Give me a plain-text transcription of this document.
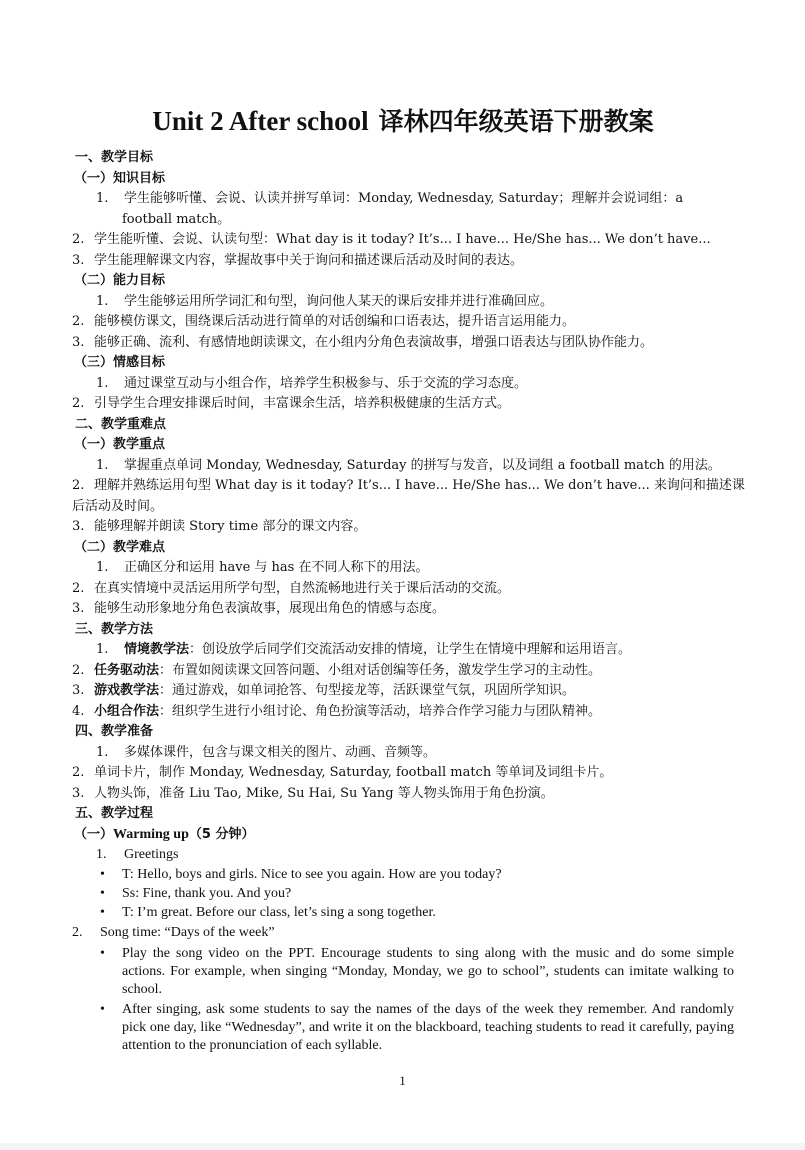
Unit 2 After school 译林四年级英语下册教案
一、教学目标
（一）知识目标
1. 学生能够听懂、会说、认读并拼写单词：Monday, Wednesday, Saturday；理解并会说词组：a
football match。
2. 学生能听懂、会说、认读句型：What day is it today? It’s... I have... He/She has... We don’t have...
3. 学生能理解课文内容，掌握故事中关于询问和描述课后活动及时间的表达。
（二）能力目标
1. 学生能够运用所学词汇和句型，询问他人某天的课后安排并进行准确回应。
2. 能够模仿课文，围绕课后活动进行简单的对话创编和口语表达，提升语言运用能力。
3. 能够正确、流利、有感情地朗读课文，在小组内分角色表演故事，增强口语表达与团队协作能力。
（三）情感目标
1. 通过课堂互动与小组合作，培养学生积极参与、乐于交流的学习态度。
2. 引导学生合理安排课后时间，丰富课余生活，培养积极健康的生活方式。
二、教学重难点
（一）教学重点
1. 掌握重点单词 Monday, Wednesday, Saturday 的拼写与发音，以及词组 a football match 的用法。
2. 理解并熟练运用句型 What day is it today? It’s... I have... He/She has... We don’t have... 来询问和描述课
后活动及时间。
3. 能够理解并朗读 Story time 部分的课文内容。
（二）教学难点
1. 正确区分和运用 have 与 has 在不同人称下的用法。
2. 在真实情境中灵活运用所学句型，自然流畅地进行关于课后活动的交流。
3. 能够生动形象地分角色表演故事，展现出角色的情感与态度。
三、教学方法
1. 情境教学法：创设放学后同学们交流活动安排的情境，让学生在情境中理解和运用语言。
2. 任务驱动法：布置如阅读课文回答问题、小组对话创编等任务，激发学生学习的主动性。
3. 游戏教学法：通过游戏，如单词抢答、句型接龙等，活跃课堂气氛，巩固所学知识。
4. 小组合作法：组织学生进行小组讨论、角色扮演等活动，培养合作学习能力与团队精神。
四、教学准备
1. 多媒体课件，包含与课文相关的图片、动画、音频等。
2. 单词卡片，制作 Monday, Wednesday, Saturday, football match 等单词及词组卡片。
3. 人物头饰，准备 Liu Tao, Mike, Su Hai, Su Yang 等人物头饰用于角色扮演。
五、教学过程
（一）Warming up（5 分钟）
1. Greetings
• T: Hello, boys and girls. Nice to see you again. How are you today?
• Ss: Fine, thank you. And you?
• T: I’m great. Before our class, let’s sing a song together.
2. Song time: “Days of the week”
• Play the song video on the PPT. Encourage students to sing along with the music and do some simple actions. For example, when singing “Monday, Monday, we go to school”, students can imitate walking to school.
• After singing, ask some students to say the names of the days of the week they remember. And randomly pick one day, like “Wednesday”, and write it on the blackboard, teaching students to read it carefully, paying attention to the pronunciation of each syllable.
1
